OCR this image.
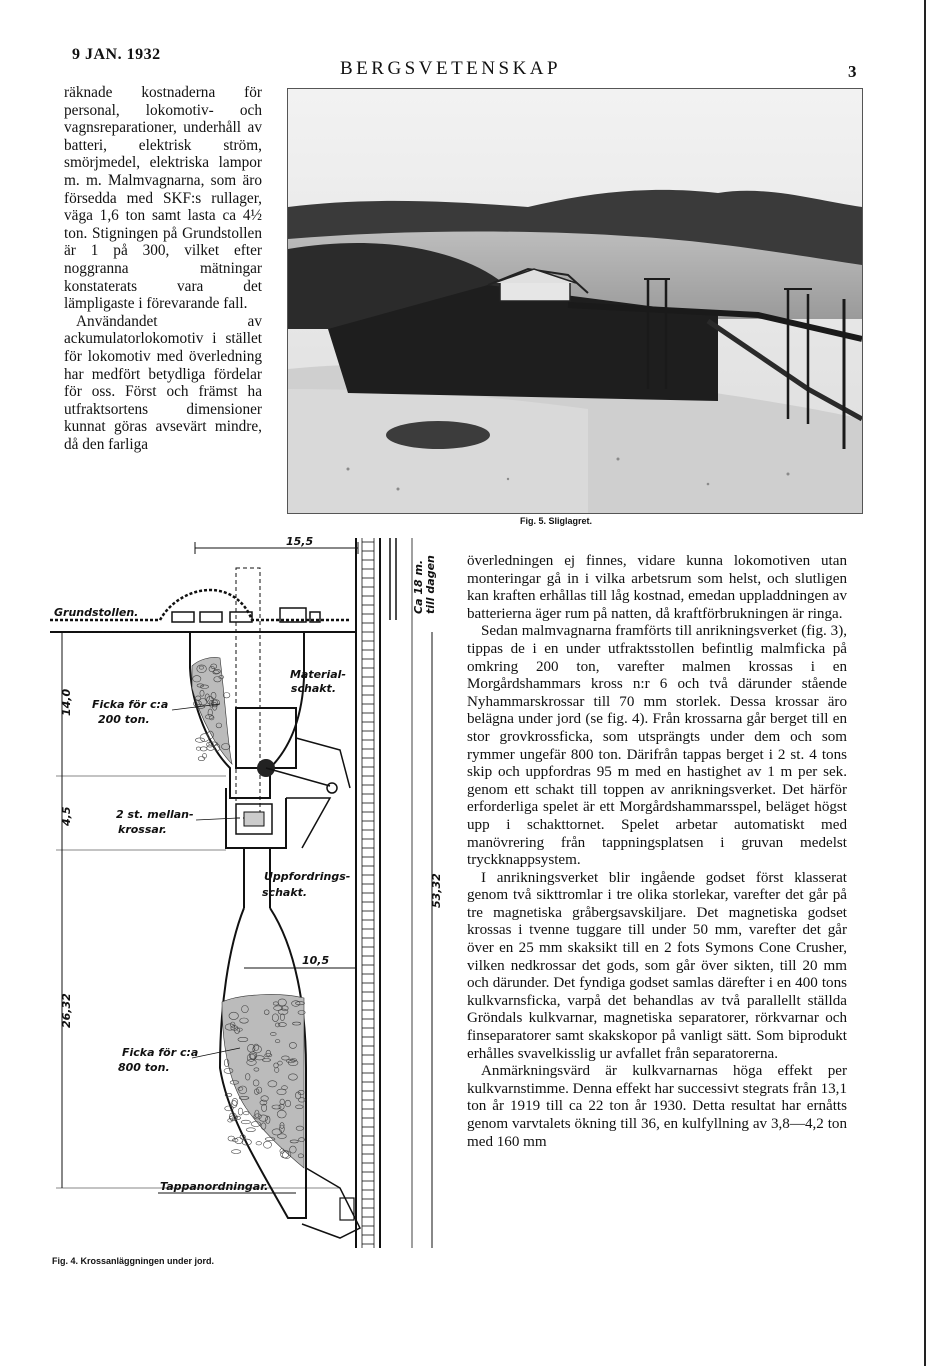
9 JAN. 1932
BERGSVETENSKAP	3

räknade kostnaderna för personal, lokomotiv- och vagnsreparationer, underhåll av batteri, elektrisk ström, smörjmedel, elektriska lampor m. m. Malmvagnarna, som äro försedda med SKF:s rullager, väga 1,6 ton samt lasta ca 4½ ton. Stigningen på Grundstollen är 1 på 300, vilket efter noggranna mätningar konstaterats vara det lämpligaste i förevarande fall.

Användandet av ackumulatorlokomotiv i stället för lokomotiv med överledning har medfört betydliga fördelar för oss. Först och främst ha utfraktsortens dimensioner kunnat göras avsevärt mindre, då den farliga

Fig. 5. Sliglagret.
15,5
Ca 18 m. till dagen
Grundstollen.
Material-
schakt.
14,0
4,5
26,32
53,32
10,5
Ficka för c:a
200 ton.
2 st. mellan-
krossar.
Uppfordrings-
schakt.
Ficka för c:a
800 ton.
Tappanordningar.
Fig. 4. Krossanläggningen under jord.

överledningen ej finnes, vidare kunna lokomotiven utan monteringar gå in i vilka arbetsrum som helst, och slutligen kan kraften erhållas till låg kostnad, emedan uppladdningen av batterierna äger rum på natten, då kraftförbrukningen är ringa.

Sedan malmvagnarna framförts till anrikningsverket (fig. 3), tippas de i en under utfraktsstollen befintlig malmficka på omkring 200 ton, varefter malmen krossas i en Morgårdshammars kross n:r 6 och två därunder stående Nyhammarskrossar till 70 mm storlek. Dessa krossar äro belägna under jord (se fig. 4). Från krossarna går berget till en stor grovkrossficka, som utsprängts under dem och som rymmer ungefär 800 ton. Därifrån tappas berget i 2 st. 4 tons skip och uppfordras 95 m med en hastighet av 1 m per sek. genom ett schakt till toppen av anrikningsverket. Det härför erforderliga spelet är ett Morgårdshammarsspel, beläget högst upp i schakttornet. Spelet arbetar automatiskt med manövrering från tappningsplatsen i gruvan medelst tryckknappsystem.

I anrikningsverket blir ingående godset först klasserat genom två sikttromlar i tre olika storlekar, varefter det går på tre magnetiska gråbergsavskiljare. Det magnetiska godset krossas i tvenne tuggare till under 50 mm, varefter det går över en 25 mm skaksikt till en 2 fots Symons Cone Crusher, vilken nedkrossar det gods, som går över sikten, till 20 mm och därunder. Det fyndiga godset samlas därefter i en 400 tons kulkvarnsficka, varpå det behandlas av två parallellt ställda Gröndals kulkvarnar, magnetiska separatorer, rörkvarnar och finseparatorer samt skakskopor på vanligt sätt. Som biprodukt erhålles svavelkisslig ur avfallet från separatorerna.

Anmärkningsvärd är kulkvarnarnas höga effekt per kulkvarnstimme. Denna effekt har successivt stegrats från 13,1 ton år 1919 till ca 22 ton år 1930. Detta resultat har ernåtts genom varvtalets ökning till 36, en kulfyllning av 3,8—4,2 ton med 160 mm
